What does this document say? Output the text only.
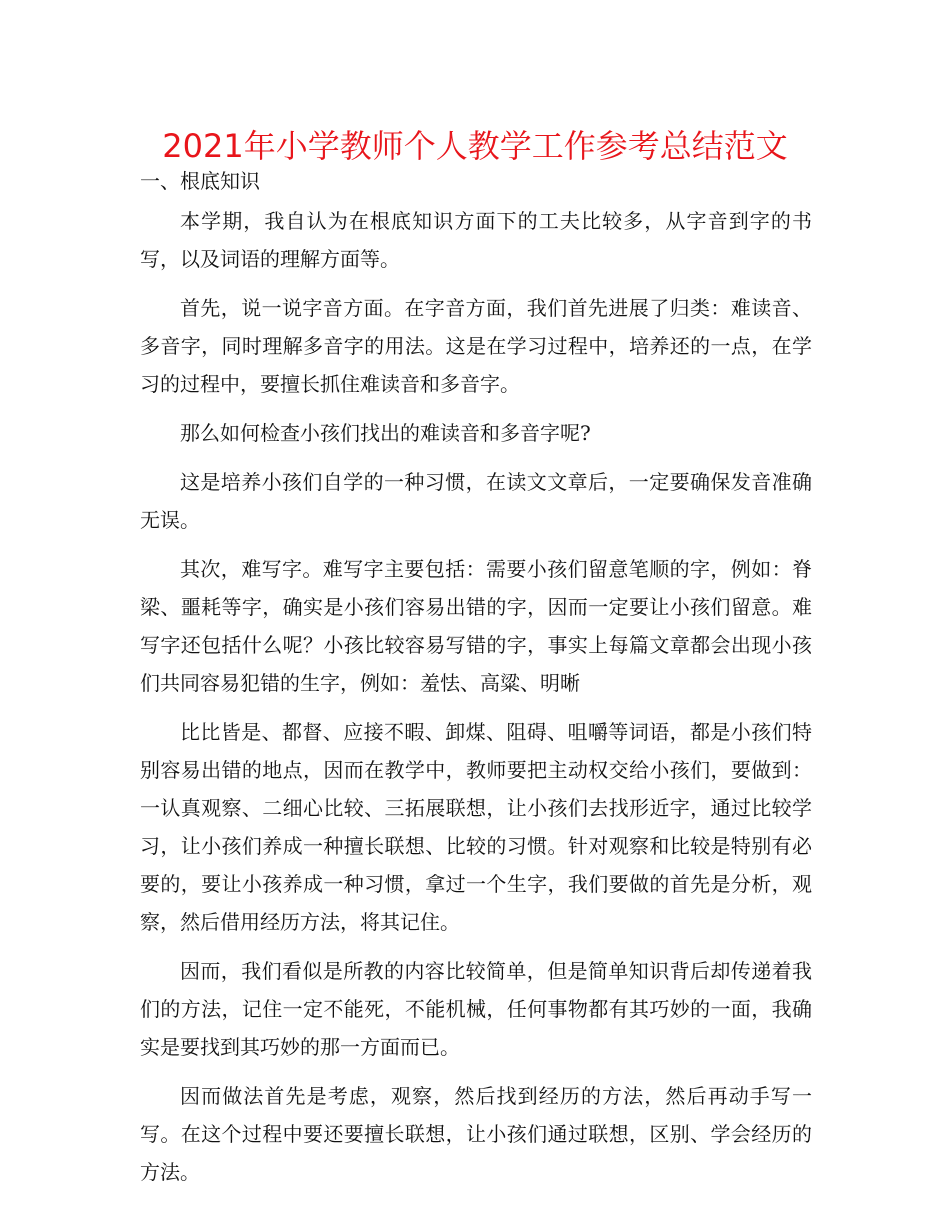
2021年小学教师个人教学工作参考总结范文
一、根底知识

本学期，我自认为在根底知识方面下的工夫比较多，从字音到字的书写，以及词语的理解方面等。

首先，说一说字音方面。在字音方面，我们首先进展了归类：难读音、多音字，同时理解多音字的用法。这是在学习过程中，培养还的一点，在学习的过程中，要擅长抓住难读音和多音字。

那么如何检查小孩们找出的难读音和多音字呢?

这是培养小孩们自学的一种习惯，在读文文章后，一定要确保发音准确无误。

其次，难写字。难写字主要包括：需要小孩们留意笔顺的字，例如：脊梁、噩耗等字，确实是小孩们容易出错的字，因而一定要让小孩们留意。难写字还包括什么呢？小孩比较容易写错的字，事实上每篇文章都会出现小孩们共同容易犯错的生字，例如：羞怯、高粱、明晰

比比皆是、都督、应接不暇、卸煤、阻碍、咀嚼等词语，都是小孩们特别容易出错的地点，因而在教学中，教师要把主动权交给小孩们，要做到：一认真观察、二细心比较、三拓展联想，让小孩们去找形近字，通过比较学习，让小孩们养成一种擅长联想、比较的习惯。针对观察和比较是特别有必要的，要让小孩养成一种习惯，拿过一个生字，我们要做的首先是分析，观察，然后借用经历方法，将其记住。

因而，我们看似是所教的内容比较简单，但是简单知识背后却传递着我们的方法，记住一定不能死，不能机械，任何事物都有其巧妙的一面，我确实是要找到其巧妙的那一方面而已。

因而做法首先是考虑，观察，然后找到经历的方法，然后再动手写一写。在这个过程中要还要擅长联想，让小孩们通过联想，区别、学会经历的方法。
